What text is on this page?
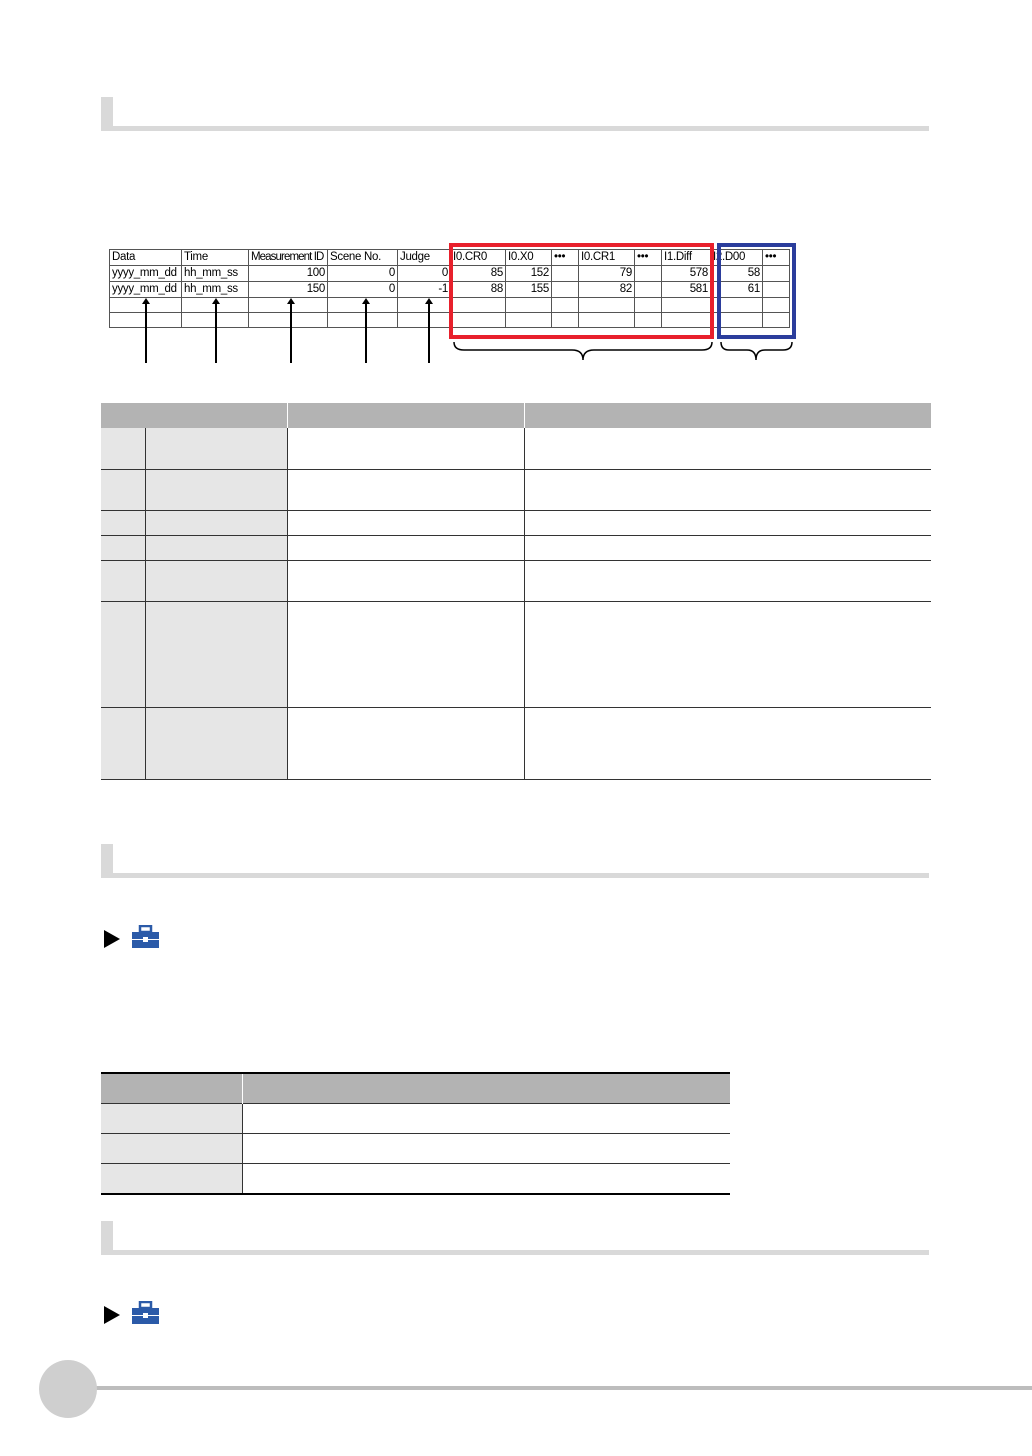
Data	Time	Measurement ID	Scene No.	Judge	I0.CR0	I0.X0	•••	I0.CR1	•••	I1.Diff	I2.D00	•••
yyyy_mm_dd	hh_mm_ss	100	0	0	85	152		79		578	58	
yyyy_mm_dd	hh_mm_ss	150	0	-1	88	155		82		581	61	
